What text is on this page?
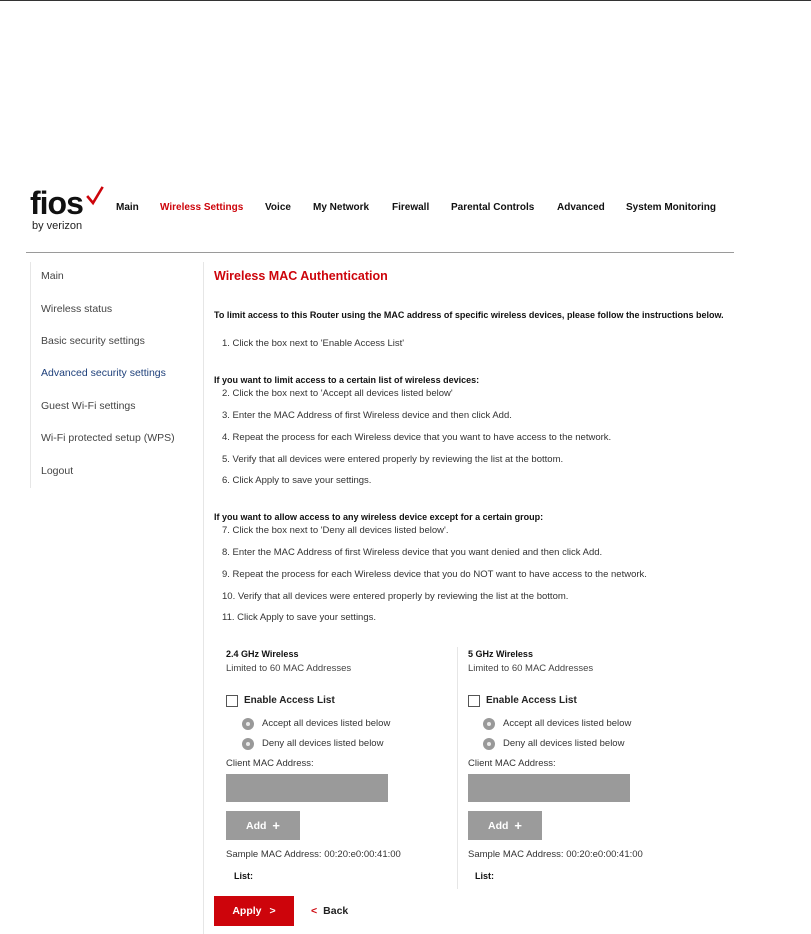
fios
by verizon
Main Wireless Settings Voice My Network Firewall Parental Controls Advanced System Monitoring
Main
Wireless status
Basic security settings
Advanced security settings
Guest Wi-Fi settings
Wi-Fi protected setup (WPS)
Logout
Wireless MAC Authentication
To limit access to this Router using the MAC address of specific wireless devices, please follow the instructions below.
1. Click the box next to 'Enable Access List'
If you want to limit access to a certain list of wireless devices:
2. Click the box next to 'Accept all devices listed below'
3. Enter the MAC Address of first Wireless device and then click Add.
4. Repeat the process for each Wireless device that you want to have access to the network.
5. Verify that all devices were entered properly by reviewing the list at the bottom.
6. Click Apply to save your settings.
If you want to allow access to any wireless device except for a certain group:
7. Click the box next to 'Deny all devices listed below'.
8. Enter the MAC Address of first Wireless device that you want denied and then click Add.
9. Repeat the process for each Wireless device that you do NOT want to have access to the network.
10. Verify that all devices were entered properly by reviewing the list at the bottom.
11. Click Apply to save your settings.
2.4 GHz Wireless
Limited to 60 MAC Addresses
Enable Access List
Accept all devices listed below
Deny all devices listed below
Client MAC Address:
Add +
Sample MAC Address: 00:20:e0:00:41:00
List:
5 GHz Wireless
Limited to 60 MAC Addresses
Enable Access List
Accept all devices listed below
Deny all devices listed below
Client MAC Address:
Add +
Sample MAC Address: 00:20:e0:00:41:00
List:
Apply >	< Back
